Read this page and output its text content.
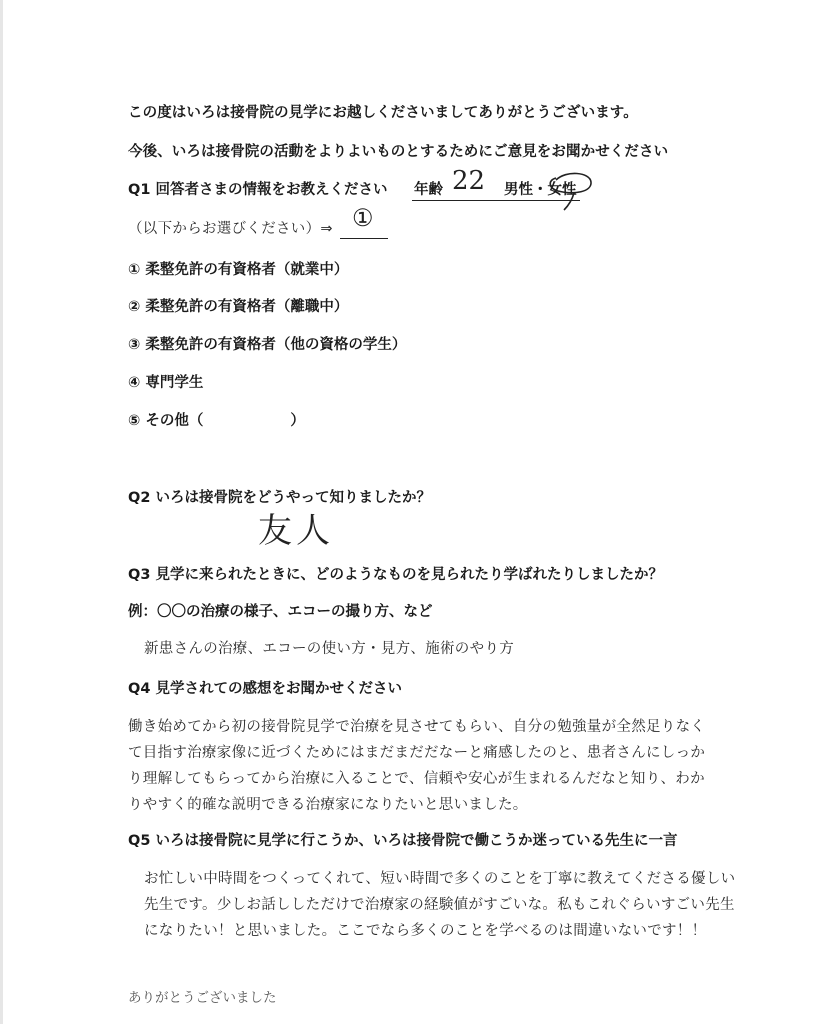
この度はいろは接骨院の見学にお越しくださいましてありがとうございます。
今後、いろは接骨院の活動をよりよいものとするためにご意見をお聞かせください
Q1 回答者さまの情報をお教えください 年齢 22 男性・女性
（以下からお選びください）⇒ ①
① 柔整免許の有資格者（就業中）
② 柔整免許の有資格者（離職中）
③ 柔整免許の有資格者（他の資格の学生）
④ 専門学生
⑤ その他（　　　　　　）
Q2 いろは接骨院をどうやって知りましたか？
友人
Q3 見学に来られたときに、どのようなものを見られたり学ばれたりしましたか？
例：〇〇の治療の様子、エコーの撮り方、など
新患さんの治療、エコーの使い方・見方、施術のやり方
Q4 見学されての感想をお聞かせください
働き始めてから初の接骨院見学で治療を見させてもらい、自分の勉強量が全然足りなく
て目指す治療家像に近づくためにはまだまだだなーと痛感したのと、患者さんにしっか
り理解してもらってから治療に入ることで、信頼や安心が生まれるんだなと知り、わか
りやすく的確な説明できる治療家になりたいと思いました。
Q5 いろは接骨院に見学に行こうか、いろは接骨院で働こうか迷っている先生に一言
お忙しい中時間をつくってくれて、短い時間で多くのことを丁寧に教えてくださる優しい
先生です。少しお話ししただけで治療家の経験値がすごいな。私もこれぐらいすごい先生
になりたい！と思いました。ここでなら多くのことを学べるのは間違いないです！！
ありがとうございました
